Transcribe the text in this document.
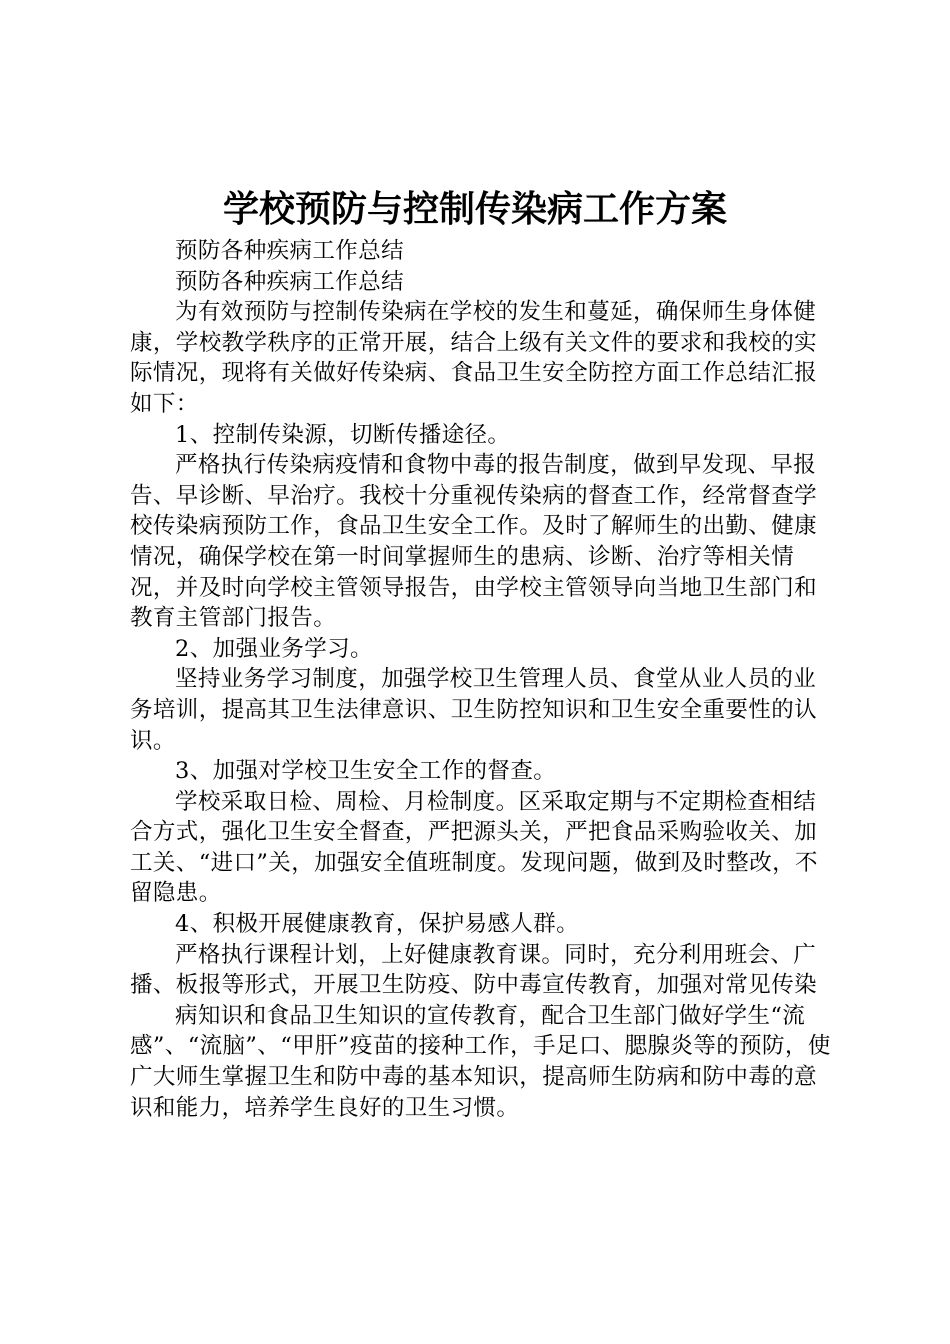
学校预防与控制传染病工作方案

预防各种疾病工作总结

预防各种疾病工作总结

为有效预防与控制传染病在学校的发生和蔓延，确保师生身体健康，学校教学秩序的正常开展，结合上级有关文件的要求和我校的实际情况，现将有关做好传染病、食品卫生安全防控方面工作总结汇报如下：

1、控制传染源，切断传播途径。

严格执行传染病疫情和食物中毒的报告制度，做到早发现、早报告、早诊断、早治疗。我校十分重视传染病的督查工作，经常督查学校传染病预防工作，食品卫生安全工作。及时了解师生的出勤、健康情况，确保学校在第一时间掌握师生的患病、诊断、治疗等相关情况，并及时向学校主管领导报告，由学校主管领导向当地卫生部门和教育主管部门报告。

2、加强业务学习。

坚持业务学习制度，加强学校卫生管理人员、食堂从业人员的业务培训，提高其卫生法律意识、卫生防控知识和卫生安全重要性的认识。

3、加强对学校卫生安全工作的督查。

学校采取日检、周检、月检制度。区采取定期与不定期检查相结合方式，强化卫生安全督查，严把源头关，严把食品采购验收关、加工关、“进口”关，加强安全值班制度。发现问题，做到及时整改，不留隐患。

4、积极开展健康教育，保护易感人群。

严格执行课程计划，上好健康教育课。同时，充分利用班会、广播、板报等形式，开展卫生防疫、防中毒宣传教育，加强对常见传染

病知识和食品卫生知识的宣传教育，配合卫生部门做好学生“流感”、“流脑”、“甲肝”疫苗的接种工作，手足口、腮腺炎等的预防，使广大师生掌握卫生和防中毒的基本知识，提高师生防病和防中毒的意识和能力，培养学生良好的卫生习惯。
